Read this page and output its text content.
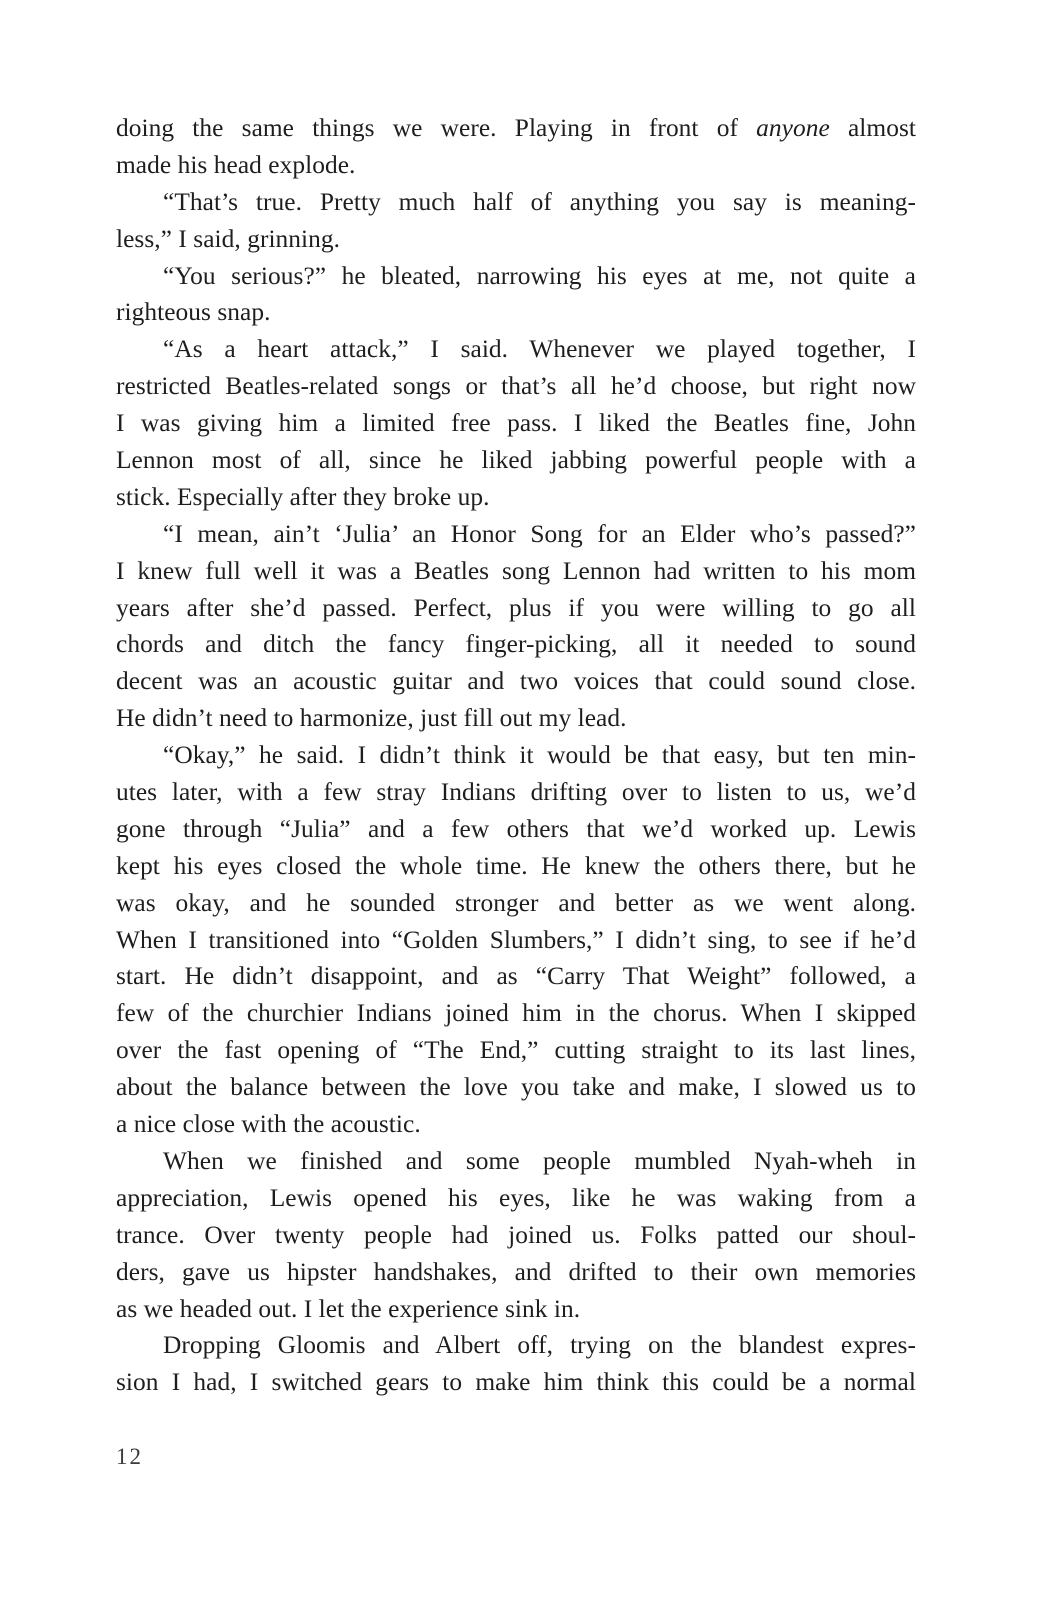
doing the same things we were. Playing in front of anyone almost
made his head explode.
“That’s true. Pretty much half of anything you say is meaning-
less,” I said, grinning.
“You serious?” he bleated, narrowing his eyes at me, not quite a
righteous snap.
“As a heart attack,” I said. Whenever we played together, I
restricted Beatles-related songs or that’s all he’d choose, but right now
I was giving him a limited free pass. I liked the Beatles fine, John
Lennon most of all, since he liked jabbing powerful people with a
stick. Especially after they broke up.
“I mean, ain’t ‘Julia’ an Honor Song for an Elder who’s passed?”
I knew full well it was a Beatles song Lennon had written to his mom
years after she’d passed. Perfect, plus if you were willing to go all
chords and ditch the fancy finger-picking, all it needed to sound
decent was an acoustic guitar and two voices that could sound close.
He didn’t need to harmonize, just fill out my lead.
“Okay,” he said. I didn’t think it would be that easy, but ten min-
utes later, with a few stray Indians drifting over to listen to us, we’d
gone through “Julia” and a few others that we’d worked up. Lewis
kept his eyes closed the whole time. He knew the others there, but he
was okay, and he sounded stronger and better as we went along.
When I transitioned into “Golden Slumbers,” I didn’t sing, to see if he’d
start. He didn’t disappoint, and as “Carry That Weight” followed, a
few of the churchier Indians joined him in the chorus. When I skipped
over the fast opening of “The End,” cutting straight to its last lines,
about the balance between the love you take and make, I slowed us to
a nice close with the acoustic.
When we finished and some people mumbled Nyah-wheh in
appreciation, Lewis opened his eyes, like he was waking from a
trance. Over twenty people had joined us. Folks patted our shoul-
ders, gave us hipster handshakes, and drifted to their own memories
as we headed out. I let the experience sink in.
Dropping Gloomis and Albert off, trying on the blandest expres-
sion I had, I switched gears to make him think this could be a normal
12
